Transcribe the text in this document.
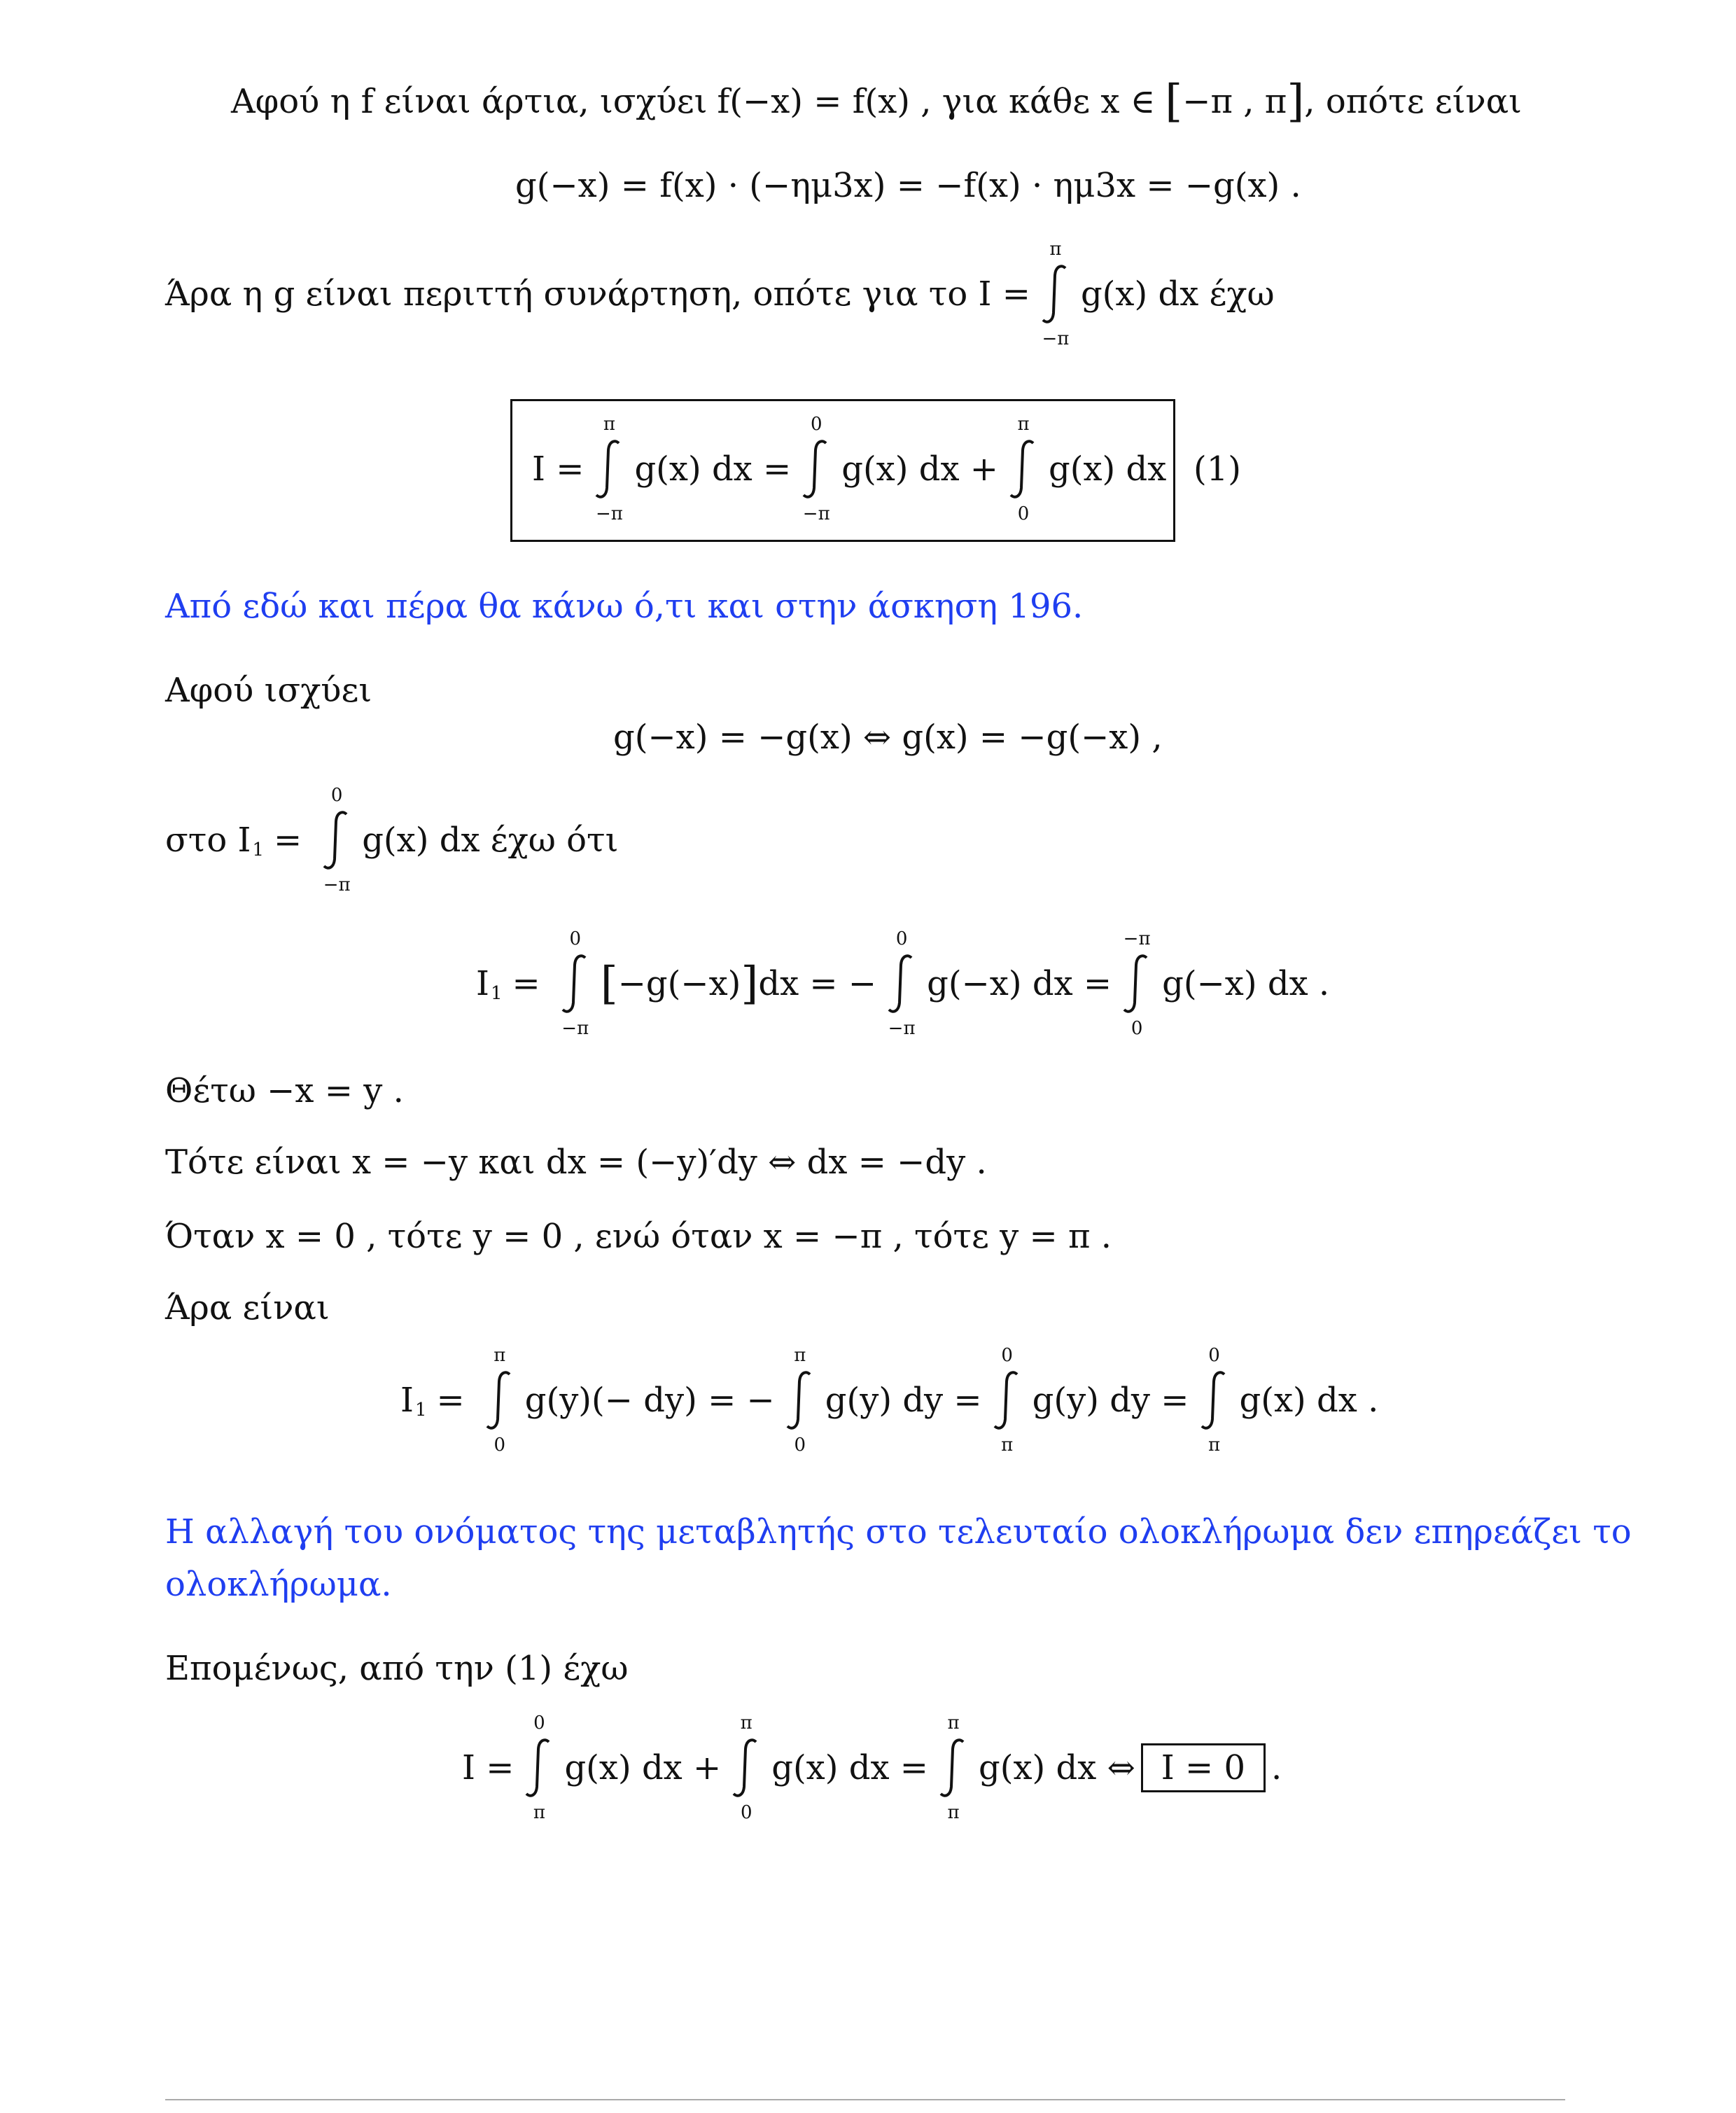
Αφού η f είναι άρτια, ισχύει f(−x) = f(x) , για κάθε x ∈ [ −π , π ] , οπότε είναι
g(−x) = f(x) · (−ημ3x) = −f(x) · ημ3x = −g(x) .
Άρα η g είναι περιττή συνάρτηση, οπότε για το I =
π
−π
g(x) dx έχω
I =
π
−π
g(x) dx =
0
−π
g(x) dx +
π
0
g(x) dx (1)
Από εδώ και πέρα θα κάνω ό,τι και στην άσκηση 196.
Αφού ισχύει
g(−x) = −g(x) ⇔ g(x) = −g(−x) ,
στο I 1 =
0
−π
g(x) dx έχω ότι
I 1 =
0
−π
[ −g(−x) ] dx = −
0
−π
g(−x) dx =
−π
0
g(−x) dx .
Θέτω −x = y .
Τότε είναι x = −y και dx = (−y)′dy ⇔ dx = −dy .
Όταν x = 0 , τότε y = 0 , ενώ όταν x = −π , τότε y = π .
Άρα είναι
I 1 =
π
0
g(y)(− dy) = −
π
0
g(y) dy =
0
π
g(y) dy =
0
π
g(x) dx .
Η αλλαγή του ονόματος της μεταβλητής στο τελευταίο ολοκλήρωμα δεν επηρεάζει το
ολοκλήρωμα.
Επομένως, από την (1) έχω
I =
0
π
g(x) dx +
π
0
g(x) dx =
π
π
g(x) dx ⇔ I = 0 .
